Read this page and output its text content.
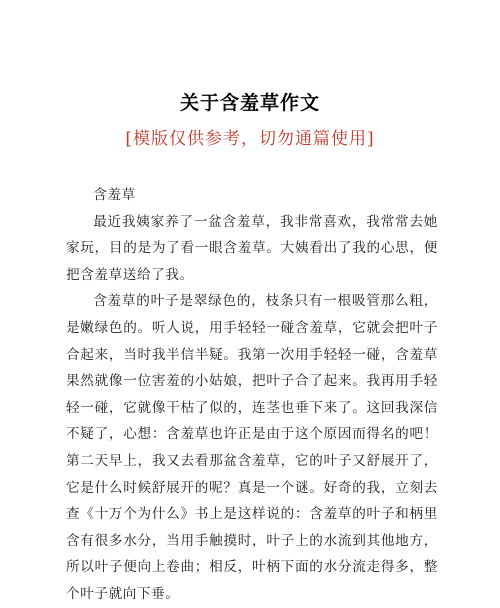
关于含羞草作文
[模版仅供参考，切勿通篇使用]

含羞草

最近我姨家养了一盆含羞草，我非常喜欢，我常常去她家玩，目的是为了看一眼含羞草。大姨看出了我的心思，便把含羞草送给了我。

含羞草的叶子是翠绿色的，枝条只有一根吸管那么粗，是嫩绿色的。听人说，用手轻轻一碰含羞草，它就会把叶子合起来，当时我半信半疑。我第一次用手轻轻一碰，含羞草果然就像一位害羞的小姑娘，把叶子合了起来。我再用手轻轻一碰，它就像干枯了似的，连茎也垂下来了。这回我深信不疑了，心想：含羞草也许正是由于这个原因而得名的吧！第二天早上，我又去看那盆含羞草，它的叶子又舒展开了，它是什么时候舒展开的呢？真是一个谜。好奇的我，立刻去查《十万个为什么》书上是这样说的：含羞草的叶子和柄里含有很多水分，当用手触摸时，叶子上的水流到其他地方，所以叶子便向上卷曲；相反，叶柄下面的水分流走得多，整个叶子就向下垂。
